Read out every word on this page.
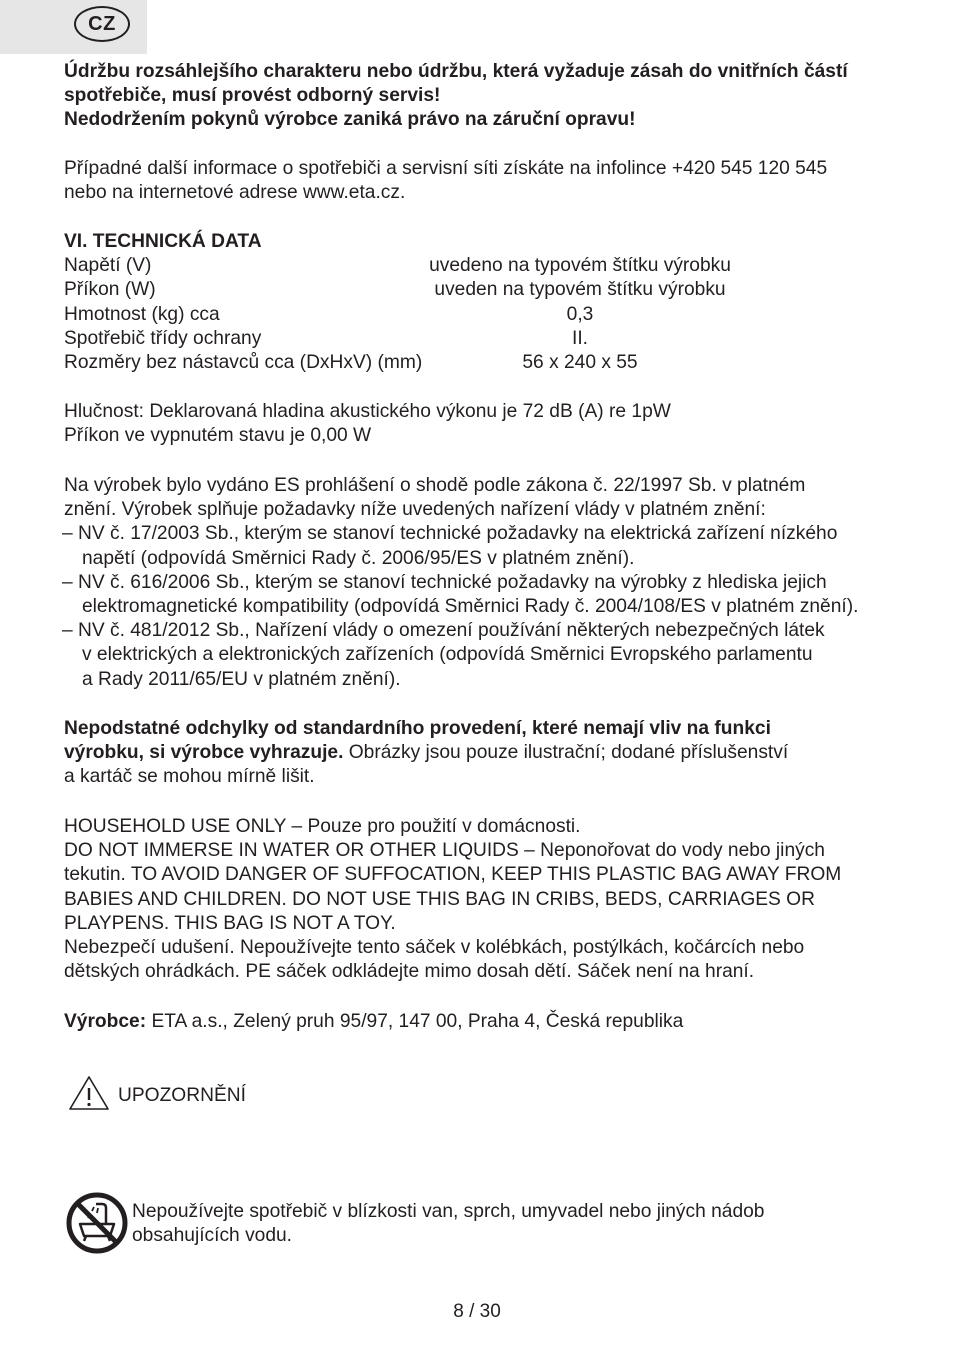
CZ

Údržbu rozsáhlejšího charakteru nebo údržbu, která vyžaduje zásah do vnitřních částí

spotřebiče, musí provést odborný servis!

Nedodržením pokynů výrobce zaniká právo na záruční opravu!

Případné další informace o spotřebiči a servisní síti získáte na infolince +420 545 120 545

nebo na internetové adrese www.eta.cz.

VI. TECHNICKÁ DATA

Napětí (V)	uvedeno na typovém štítku výrobku
Příkon (W)	uveden na typovém štítku výrobku
Hmotnost (kg) cca	0,3
Spotřebič třídy ochrany	II.
Rozměry bez nástavců cca (DxHxV) (mm)	56 x 240 x 55

Hlučnost: Deklarovaná hladina akustického výkonu je 72 dB (A) re 1pW

Příkon ve vypnutém stavu je 0,00 W

Na výrobek bylo vydáno ES prohlášení o shodě podle zákona č. 22/1997 Sb. v platném

znění. Výrobek splňuje požadavky níže uvedených nařízení vlády v platném znění:

– NV č. 17/2003 Sb., kterým se stanoví technické požadavky na elektrická zařízení nízkého

napětí (odpovídá Směrnici Rady č. 2006/95/ES v platném znění).

– NV č. 616/2006 Sb., kterým se stanoví technické požadavky na výrobky z hlediska jejich

elektromagnetické kompatibility (odpovídá Směrnici Rady č. 2004/108/ES v platném znění).

– NV č. 481/2012 Sb., Nařízení vlády o omezení používání některých nebezpečných látek

v elektrických a elektronických zařízeních (odpovídá Směrnici Evropského parlamentu

a Rady 2011/65/EU v platném znění).

Nepodstatné odchylky od standardního provedení, které nemají vliv na funkci

výrobku, si výrobce vyhrazuje. Obrázky jsou pouze ilustrační; dodané příslušenství

a kartáč se mohou mírně lišit.

HOUSEHOLD USE ONLY – Pouze pro použití v domácnosti.

DO NOT IMMERSE IN WATER OR OTHER LIQUIDS – Neponořovat do vody nebo jiných

tekutin. TO AVOID DANGER OF SUFFOCATION, KEEP THIS PLASTIC BAG AWAY FROM

BABIES AND CHILDREN. DO NOT USE THIS BAG IN CRIBS, BEDS, CARRIAGES OR

PLAYPENS. THIS BAG IS NOT A TOY.

Nebezpečí udušení. Nepoužívejte tento sáček v kolébkách, postýlkách, kočárcích nebo

dětských ohrádkách. PE sáček odkládejte mimo dosah dětí. Sáček není na hraní.

Výrobce: ETA a.s., Zelený pruh 95/97, 147 00, Praha 4, Česká republika

UPOZORNĚNÍ

Nepoužívejte spotřebič v blízkosti van, sprch, umyvadel nebo jiných nádob

obsahujících vodu.

8 / 30
